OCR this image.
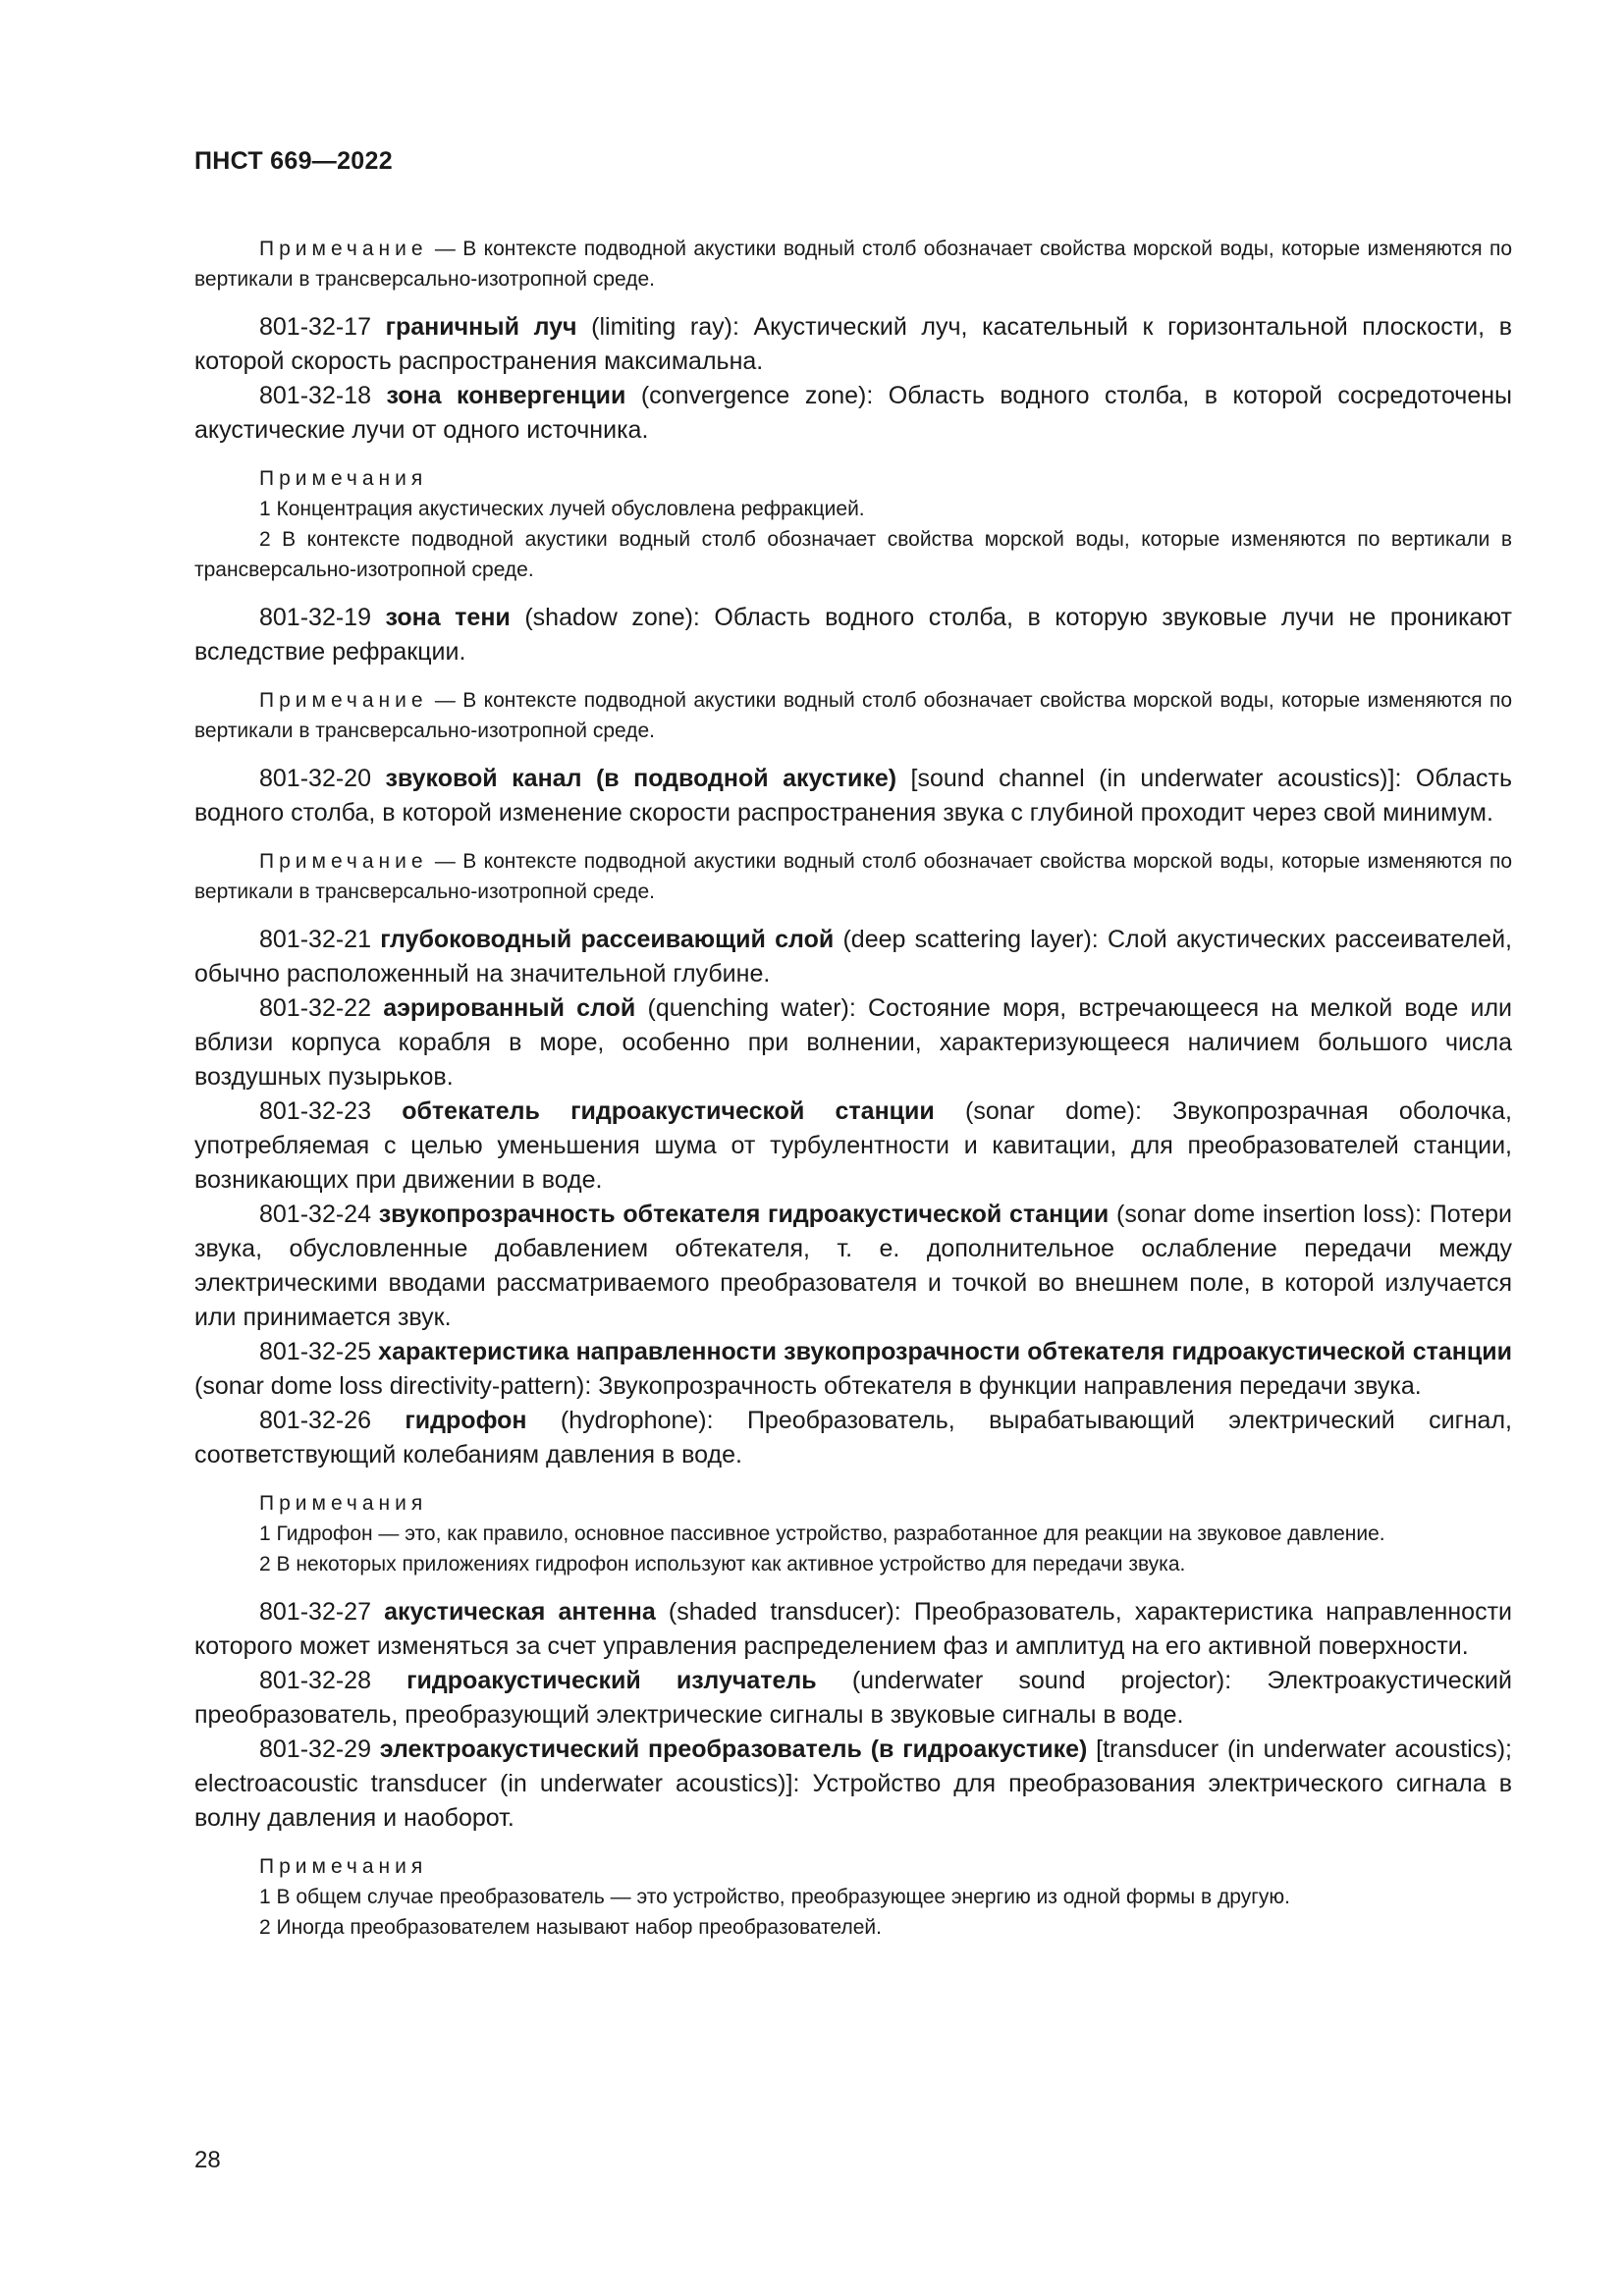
ПНСТ 669—2022

Примечание — В контексте подводной акустики водный столб обозначает свойства морской воды, которые изменяются по вертикали в трансверсально-изотропной среде.

801-32-17 граничный луч (limiting ray): Акустический луч, касательный к горизонтальной плоскости, в которой скорость распространения максимальна.

801-32-18 зона конвергенции (convergence zone): Область водного столба, в которой сосредоточены акустические лучи от одного источника.

Примечания

1 Концентрация акустических лучей обусловлена рефракцией.

2 В контексте подводной акустики водный столб обозначает свойства морской воды, которые изменяются по вертикали в трансверсально-изотропной среде.

801-32-19 зона тени (shadow zone): Область водного столба, в которую звуковые лучи не проникают вследствие рефракции.

Примечание — В контексте подводной акустики водный столб обозначает свойства морской воды, которые изменяются по вертикали в трансверсально-изотропной среде.

801-32-20 звуковой канал (в подводной акустике) [sound channel (in underwater acoustics)]: Область водного столба, в которой изменение скорости распространения звука с глубиной проходит через свой минимум.

Примечание — В контексте подводной акустики водный столб обозначает свойства морской воды, которые изменяются по вертикали в трансверсально-изотропной среде.

801-32-21 глубоководный рассеивающий слой (deep scattering layer): Слой акустических рассеивателей, обычно расположенный на значительной глубине.

801-32-22 аэрированный слой (quenching water): Состояние моря, встречающееся на мелкой воде или вблизи корпуса корабля в море, особенно при волнении, характеризующееся наличием большого числа воздушных пузырьков.

801-32-23 обтекатель гидроакустической станции (sonar dome): Звукопрозрачная оболочка, употребляемая с целью уменьшения шума от турбулентности и кавитации, для преобразователей станции, возникающих при движении в воде.

801-32-24 звукопрозрачность обтекателя гидроакустической станции (sonar dome insertion loss): Потери звука, обусловленные добавлением обтекателя, т. е. дополнительное ослабление передачи между электрическими вводами рассматриваемого преобразователя и точкой во внешнем поле, в которой излучается или принимается звук.

801-32-25 характеристика направленности звукопрозрачности обтекателя гидроакустической станции (sonar dome loss directivity-pattern): Звукопрозрачность обтекателя в функции направления передачи звука.

801-32-26 гидрофон (hydrophone): Преобразователь, вырабатывающий электрический сигнал, соответствующий колебаниям давления в воде.

Примечания

1 Гидрофон — это, как правило, основное пассивное устройство, разработанное для реакции на звуковое давление.

2 В некоторых приложениях гидрофон используют как активное устройство для передачи звука.

801-32-27 акустическая антенна (shaded transducer): Преобразователь, характеристика направленности которого может изменяться за счет управления распределением фаз и амплитуд на его активной поверхности.

801-32-28 гидроакустический излучатель (underwater sound projector): Электроакустический преобразователь, преобразующий электрические сигналы в звуковые сигналы в воде.

801-32-29 электроакустический преобразователь (в гидроакустике) [transducer (in underwater acoustics); electroacoustic transducer (in underwater acoustics)]: Устройство для преобразования электрического сигнала в волну давления и наоборот.

Примечания

1 В общем случае преобразователь — это устройство, преобразующее энергию из одной формы в другую.

2 Иногда преобразователем называют набор преобразователей.

28
